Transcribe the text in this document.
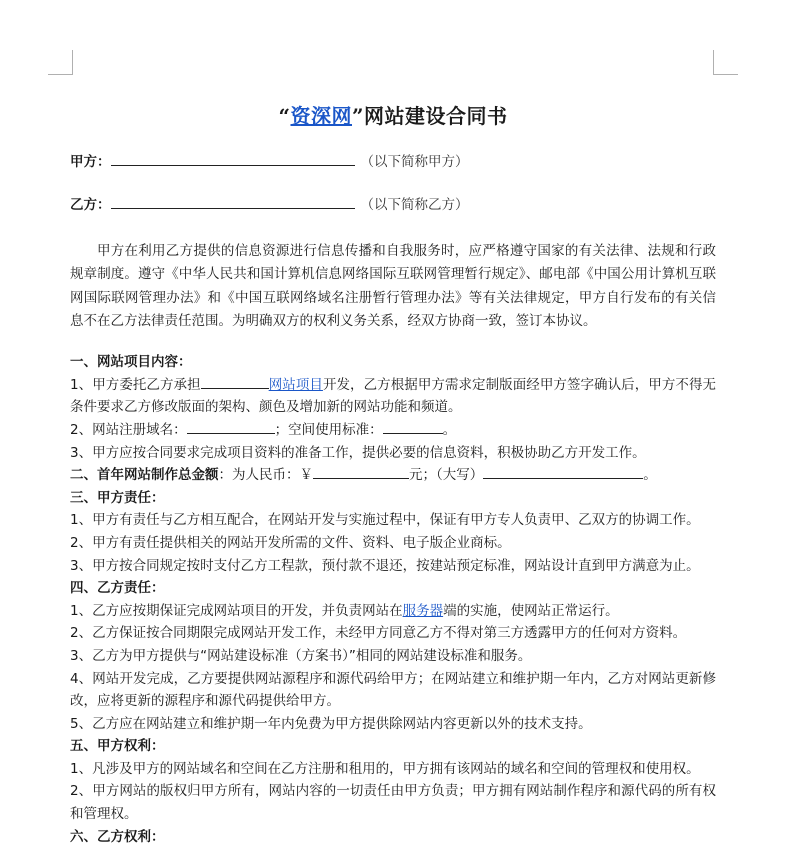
“资深网”网站建设合同书
甲方：	（以下简称甲方）
乙方：	（以下简称乙方）
甲方在利用乙方提供的信息资源进行信息传播和自我服务时，应严格遵守国家的有关法律、法规和行政规章制度。遵守《中华人民共和国计算机信息网络国际互联网管理暂行规定》、邮电部《中国公用计算机互联网国际联网管理办法》和《中国互联网络域名注册暂行管理办法》等有关法律规定，甲方自行发布的有关信息不在乙方法律责任范围。为明确双方的权利义务关系，经双方协商一致，签订本协议。
一、网站项目内容：
1、甲方委托乙方承担	网站项目开发，乙方根据甲方需求定制版面经甲方签字确认后，甲方不得无条件要求乙方修改版面的架构、颜色及增加新的网站功能和频道。
2、网站注册域名：	；空间使用标准：	。
3、甲方应按合同要求完成项目资料的准备工作，提供必要的信息资料，积极协助乙方开发工作。
二、首年网站制作总金额：为人民币：￥	元；（大写）	。
三、甲方责任：
1、甲方有责任与乙方相互配合，在网站开发与实施过程中，保证有甲方专人负责甲、乙双方的协调工作。
2、甲方有责任提供相关的网站开发所需的文件、资料、电子版企业商标。
3、甲方按合同规定按时支付乙方工程款，预付款不退还，按建站预定标准，网站设计直到甲方满意为止。
四、乙方责任：
1、乙方应按期保证完成网站项目的开发，并负责网站在服务器端的实施，使网站正常运行。
2、乙方保证按合同期限完成网站开发工作，未经甲方同意乙方不得对第三方透露甲方的任何对方资料。
3、乙方为甲方提供与“网站建设标准（方案书）”相同的网站建设标准和服务。
4、网站开发完成，乙方要提供网站源程序和源代码给甲方；在网站建立和维护期一年内，乙方对网站更新修改，应将更新的源程序和源代码提供给甲方。
5、乙方应在网站建立和维护期一年内免费为甲方提供除网站内容更新以外的技术支持。
五、甲方权利：
1、凡涉及甲方的网站域名和空间在乙方注册和租用的，甲方拥有该网站的域名和空间的管理权和使用权。
2、甲方网站的版权归甲方所有，网站内容的一切责任由甲方负责；甲方拥有网站制作程序和源代码的所有权和管理权。
六、乙方权利：
